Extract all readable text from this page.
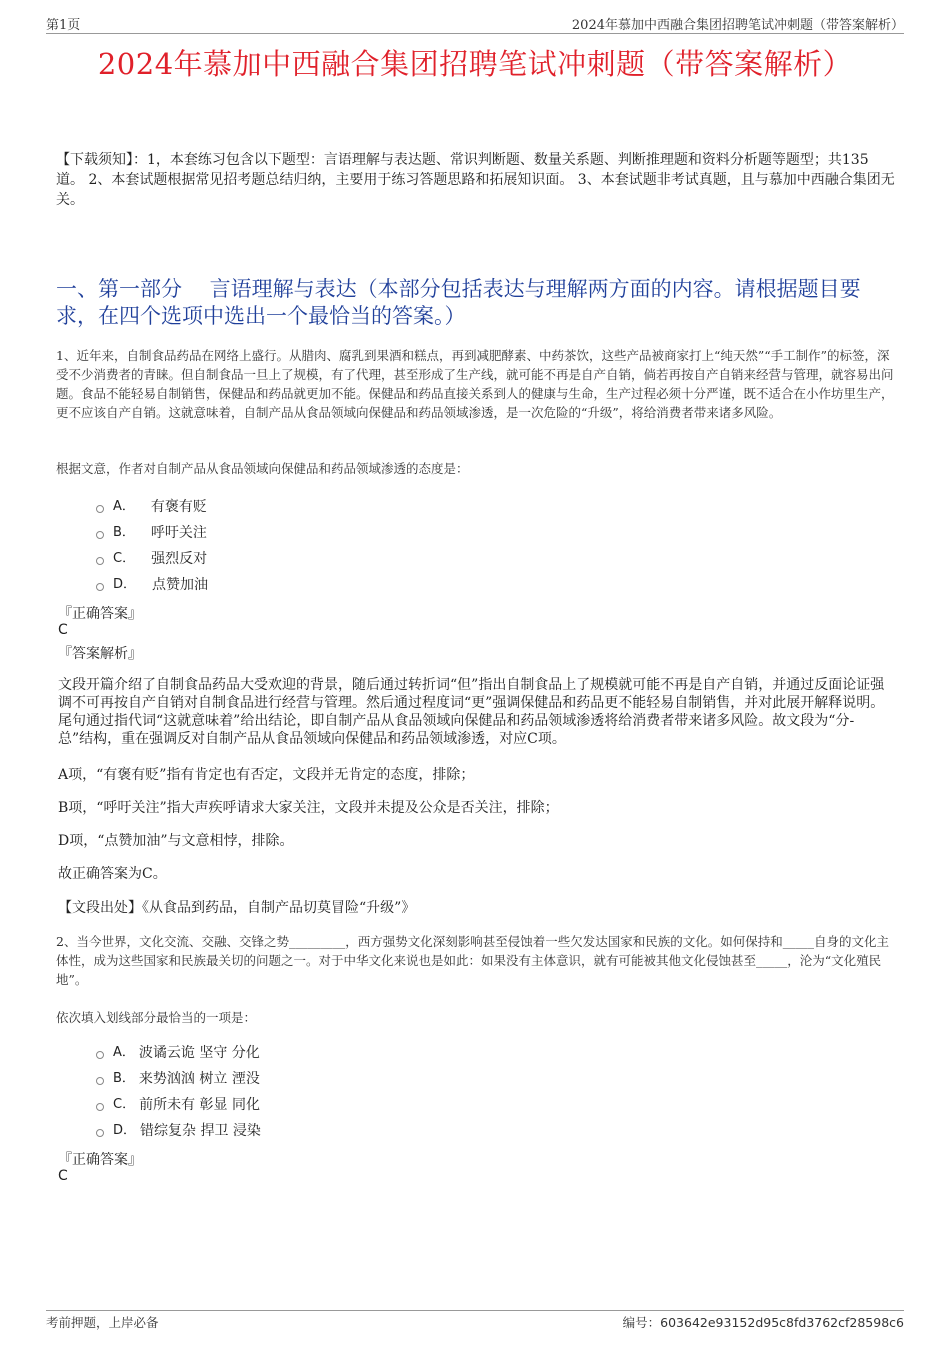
第1页	2024年慕加中西融合集团招聘笔试冲刺题（带答案解析）
2024年慕加中西融合集团招聘笔试冲刺题（带答案解析）
【下载须知】：1，本套练习包含以下题型：言语理解与表达题、常识判断题、数量关系题、判断推理题和资料分析题等题型；共135道。 2、本套试题根据常见招考题总结归纳，主要用于练习答题思路和拓展知识面。 3、本套试题非考试真题，且与慕加中西融合集团无关。
一、第一部分　 言语理解与表达（本部分包括表达与理解两方面的内容。请根据题目要求，在四个选项中选出一个最恰当的答案。）
1、近年来，自制食品药品在网络上盛行。从腊肉、腐乳到果酒和糕点，再到减肥酵素、中药茶饮，这些产品被商家打上“纯天然”“手工制作”的标签，深受不少消费者的青睐。但自制食品一旦上了规模，有了代理，甚至形成了生产线，就可能不再是自产自销，倘若再按自产自销来经营与管理，就容易出问题。食品不能轻易自制销售，保健品和药品就更加不能。保健品和药品直接关系到人的健康与生命，生产过程必须十分严谨，既不适合在小作坊里生产，更不应该自产自销。这就意味着，自制产品从食品领域向保健品和药品领域渗透，是一次危险的“升级”，将给消费者带来诸多风险。
根据文意，作者对自制产品从食品领域向保健品和药品领域渗透的态度是：
A． 有褒有贬
B． 呼吁关注
C． 强烈反对
D． 点赞加油
『正确答案』
C
『答案解析』
文段开篇介绍了自制食品药品大受欢迎的背景，随后通过转折词“但”指出自制食品上了规模就可能不再是自产自销，并通过反面论证强调不可再按自产自销对自制食品进行经营与管理。然后通过程度词“更”强调保健品和药品更不能轻易自制销售，并对此展开解释说明。尾句通过指代词“这就意味着”给出结论，即自制产品从食品领域向保健品和药品领域渗透将给消费者带来诸多风险。故文段为“分-总”结构，重在强调反对自制产品从食品领域向保健品和药品领域渗透，对应C项。
A项，“有褒有贬”指有肯定也有否定，文段并无肯定的态度，排除；
B项，“呼吁关注”指大声疾呼请求大家关注，文段并未提及公众是否关注，排除；
D项，“点赞加油”与文意相悖，排除。
故正确答案为C。
【文段出处】《从食品到药品，自制产品切莫冒险“升级”》
2、当今世界，文化交流、交融、交锋之势_________，西方强势文化深刻影响甚至侵蚀着一些欠发达国家和民族的文化。如何保持和_____自身的文化主体性，成为这些国家和民族最关切的问题之一。对于中华文化来说也是如此：如果没有主体意识，就有可能被其他文化侵蚀甚至_____，沦为“文化殖民地”。
依次填入划线部分最恰当的一项是：
A． 波谲云诡 坚守 分化
B． 来势汹汹 树立 湮没
C． 前所未有 彰显 同化
D． 错综复杂 捍卫 浸染
『正确答案』
C
考前押题，上岸必备	编号：603642e93152d95c8fd3762cf28598c6
